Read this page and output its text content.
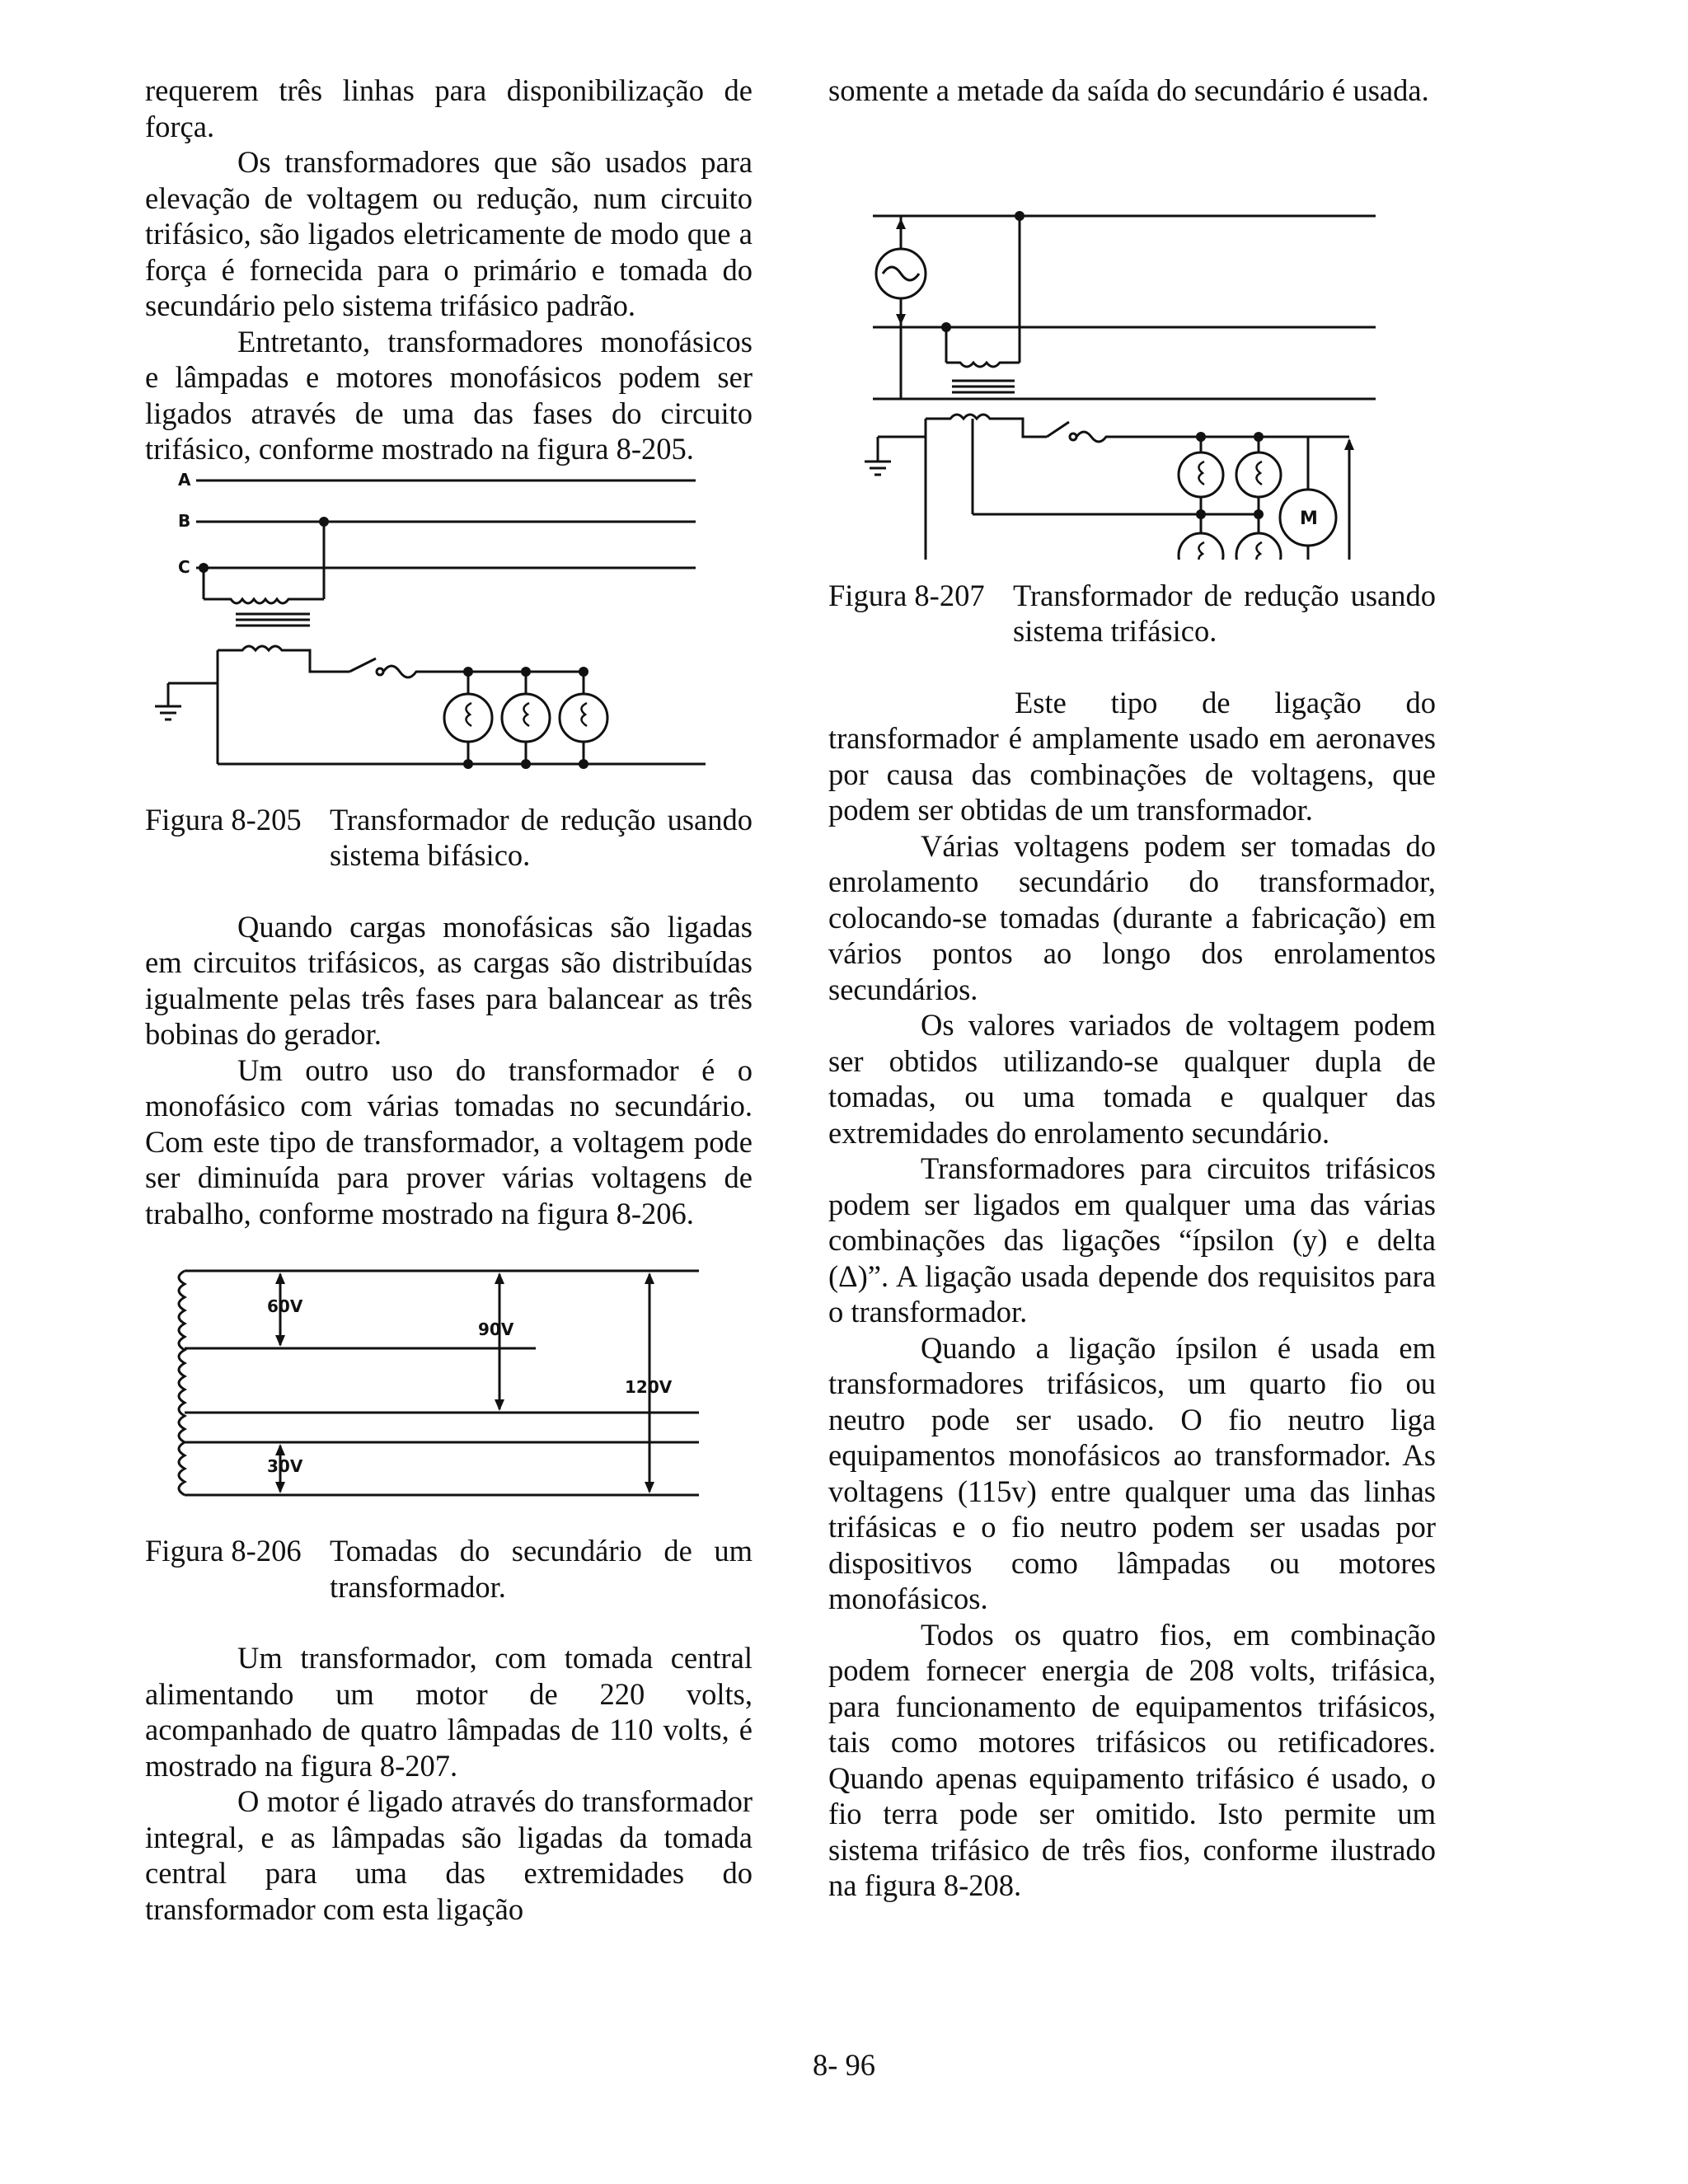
requerem três linhas para disponibilização de força.

Os transformadores que são usados para elevação de voltagem ou redução, num circuito trifásico, são ligados eletricamente de modo que a força é fornecida para o primário e tomada do secundário pelo sistema trifásico padrão.

Entretanto, transformadores monofásicos e lâmpadas e motores monofásicos podem ser ligados através de uma das fases do circuito trifásico, conforme mostrado na figura 8-205.

A
B
C
Figura 8-205 Transformador de redução usando sistema bifásico.

Quando cargas monofásicas são ligadas em circuitos trifásicos, as cargas são distribuídas igualmente pelas três fases para balancear as três bobinas do gerador.

Um outro uso do transformador é o monofásico com várias tomadas no secundário. Com este tipo de transformador, a voltagem pode ser diminuída para prover várias voltagens de trabalho, conforme mostrado na figura 8-206.

60V
90V
120V
30V
Figura 8-206 Tomadas do secundário de um transformador.

Um transformador, com tomada central alimentando um motor de 220 volts, acompanhado de quatro lâmpadas de 110 volts, é mostrado na figura 8-207.

O motor é ligado através do transformador integral, e as lâmpadas são ligadas da tomada central para uma das extremidades do transformador com esta ligação

somente a metade da saída do secundário é usada.

M
Figura 8-207 Transformador de redução usando sistema trifásico.

Este tipo de ligação do transformador é amplamente usado em aeronaves por causa das combinações de voltagens, que podem ser obtidas de um transformador.

Várias voltagens podem ser tomadas do enrolamento secundário do transformador, colocando-se tomadas (durante a fabricação) em vários pontos ao longo dos enrolamentos secundários.

Os valores variados de voltagem podem ser obtidos utilizando-se qualquer dupla de tomadas, ou uma tomada e qualquer das extremidades do enrolamento secundário.

Transformadores para circuitos trifásicos podem ser ligados em qualquer uma das várias combinações das ligações “ípsilon (y) e delta (Δ)”. A ligação usada depende dos requisitos para o transformador.

Quando a ligação ípsilon é usada em transformadores trifásicos, um quarto fio ou neutro pode ser usado. O fio neutro liga equipamentos monofásicos ao transformador. As voltagens (115v) entre qualquer uma das linhas trifásicas e o fio neutro podem ser usadas por dispositivos como lâmpadas ou motores monofásicos.

Todos os quatro fios, em combinação podem fornecer energia de 208 volts, trifásica, para funcionamento de equipamentos trifásicos, tais como motores trifásicos ou retificadores. Quando apenas equipamento trifásico é usado, o fio terra pode ser omitido. Isto permite um sistema trifásico de três fios, conforme ilustrado na figura 8-208.

8- 96
